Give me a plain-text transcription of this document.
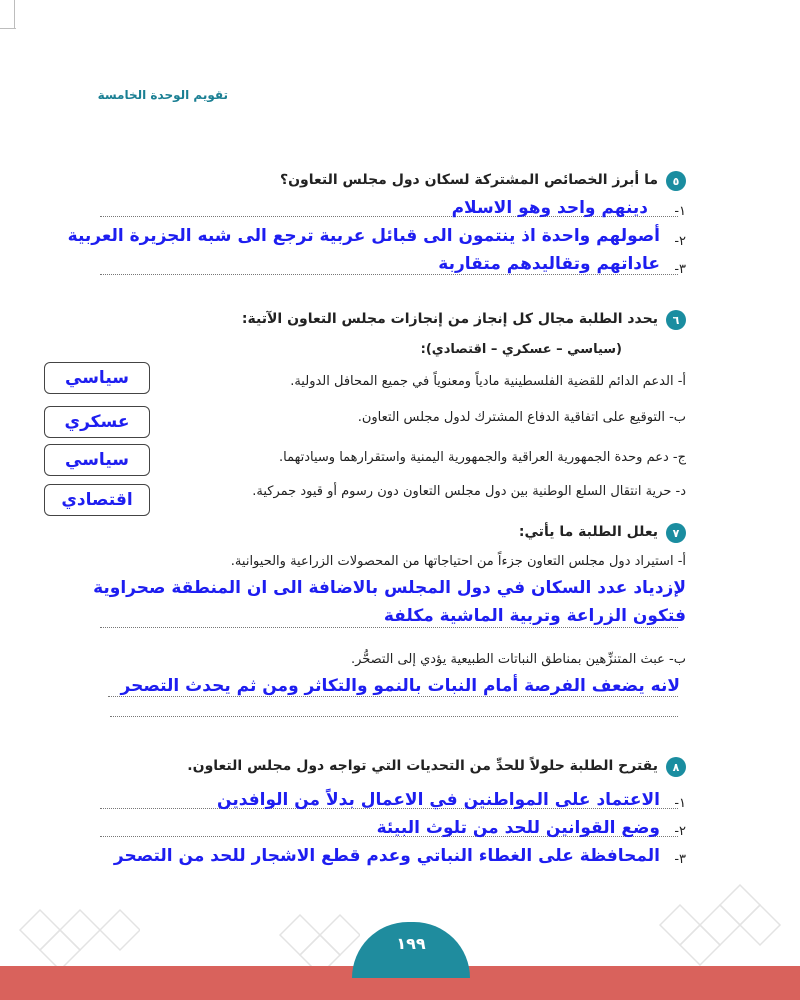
تقويم الوحدة الخامسة
٥
ما أبرز الخصائص المشتركة لسكان دول مجلس التعاون؟
١-
دينهم واحد وهو الاسلام
٢-
أصولهم واحدة اذ ينتمون الى قبائل عربية ترجع الى شبه الجزيرة العربية
٣-
عاداتهم وتقاليدهم متقاربة
٦
يحدد الطلبة مجال كل إنجاز من إنجازات مجلس التعاون الآتية:
(سياسي – عسكري – اقتصادي):
أ- الدعم الدائم للقضية الفلسطينية مادياً ومعنوياً في جميع المحافل الدولية.
سياسي
ب- التوقيع على اتفاقية الدفاع المشترك لدول مجلس التعاون.
عسكري
ج- دعم وحدة الجمهورية العراقية والجمهورية اليمنية واستقرارهما وسيادتهما.
سياسي
د- حرية انتقال السلع الوطنية بين دول مجلس التعاون دون رسوم أو قيود جمركية.
اقتصادي
٧
يعلل الطلبة ما يأتي:
أ- استيراد دول مجلس التعاون جزءاً من احتياجاتها من المحصولات الزراعية والحيوانية.
لإزدياد عدد السكان في دول المجلس بالاضافة الى ان المنطقة صحراوية
فتكون الزراعة وتربية الماشية مكلفة
ب- عبث المتنزِّهين بمناطق النباتات الطبيعية يؤدي إلى التصحُّر.
لانه يضعف الفرصة أمام النبات بالنمو والتكاثر ومن ثم يحدث التصحر
٨
يقترح الطلبة حلولاً للحدِّ من التحديات التي تواجه دول مجلس التعاون.
١-
الاعتماد على المواطنين في الاعمال بدلاً من الوافدين
٢-
وضع القوانين للحد من تلوث البيئة
٣-
المحافظة على الغطاء النباتي وعدم قطع الاشجار للحد من التصحر
١٩٩
